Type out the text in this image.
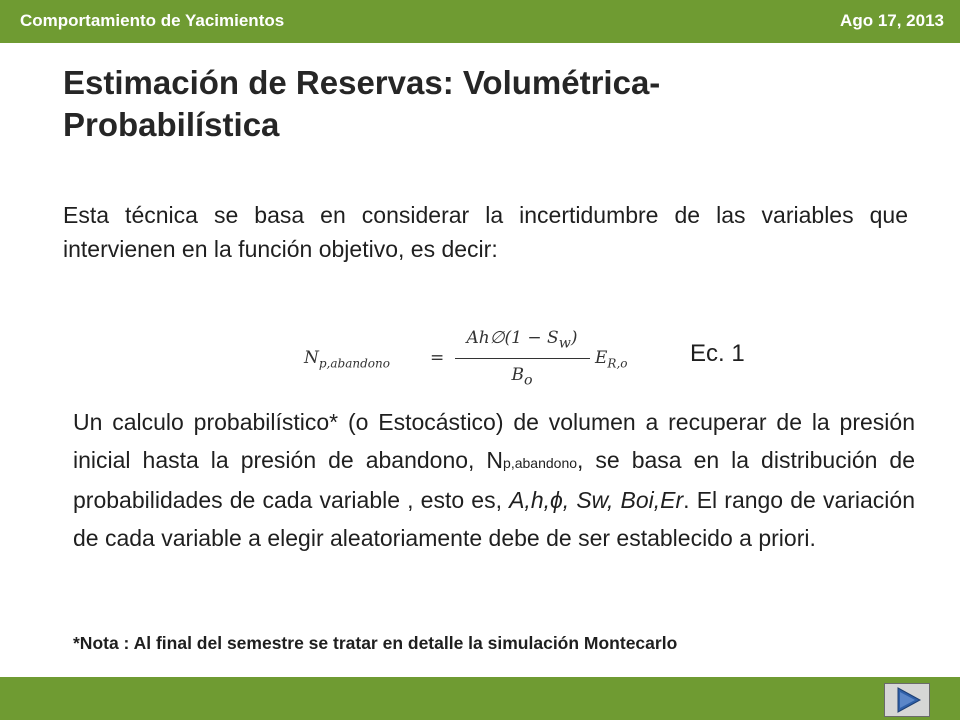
Comportamiento de Yacimientos	Ago 17, 2013
Estimación de Reservas: Volumétrica-Probabilística
Esta técnica se basa en considerar la incertidumbre de las variables que intervienen en la función objetivo, es decir:
$N_{p,abandono}$ =
Ah∅(1 − $S_w$)
$B_o$
$E_{R,o}$	Ec. 1
Un calculo probabilístico* (o Estocástico) de volumen a recuperar de la presión inicial hasta la presión de abandono, Np,abandono, se basa en la distribución de probabilidades de cada variable , esto es, A,h,ϕ, Sw, Boi,Er. El rango de variación de cada variable a elegir aleatoriamente debe de ser establecido a priori.
*Nota : Al final del semestre se tratar en detalle la simulación Montecarlo
